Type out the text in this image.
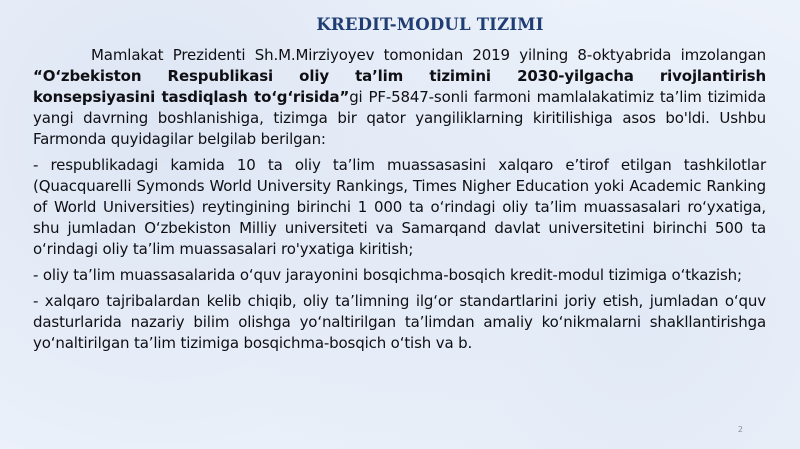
KREDIT-MODUL TIZIMI

Mamlakat Prezidenti Sh.M.Mirziyoyev tomonidan 2019 yilning 8-oktyabrida imzolangan “O‘zbekiston Respublikasi oliy ta’lim tizimini 2030-yilgacha rivojlantirish konsepsiyasini tasdiqlash to‘g‘risida”gi PF-5847-sonli farmoni mamlalakatimiz ta’lim tizimida yangi davrning boshlanishiga, tizimga bir qator yangiliklarning kiritilishiga asos bo'ldi. Ushbu Farmonda quyidagilar belgilab berilgan:

- respublikadagi kamida 10 ta oliy ta’lim muassasasini xalqaro e’tirof etilgan tashkilotlar (Quacquarelli Symonds World University Rankings, Times Nigher Education yoki Academic Ranking of World Universities) reytingining birinchi 1 000 ta o‘rindagi oliy ta’lim muassasalari ro‘yxatiga, shu jumladan O‘zbekiston Milliy universiteti va Samarqand davlat universitetini birinchi 500 ta o‘rindagi oliy ta’lim muassasalari ro'yxatiga kiritish;

- oliy ta’lim muassasalarida o‘quv jarayonini bosqichma-bosqich kredit-modul tizimiga o‘tkazish;

- xalqaro tajribalardan kelib chiqib, oliy ta’limning ilg‘or standartlarini joriy etish, jumladan o‘quv dasturlarida nazariy bilim olishga yo‘naltirilgan ta’limdan amaliy ko‘nikmalarni shakllantirishga yo‘naltirilgan ta’lim tizimiga bosqichma-bosqich o‘tish va b.

2
